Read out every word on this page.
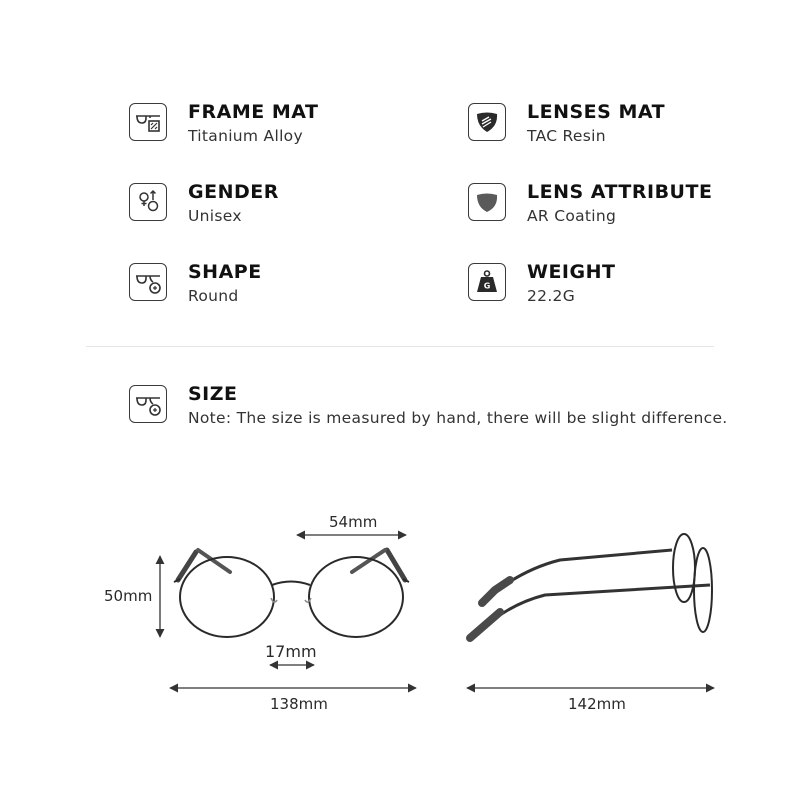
FRAME MAT
Titanium Alloy
LENSES MAT
TAC Resin
GENDER
Unisex
LENS ATTRIBUTE
AR Coating
SHAPE
Round
G
WEIGHT
22.2G
SIZE
Note: The size is measured by hand, there will be slight difference.
54mm
50mm
17mm
138mm	142mm
